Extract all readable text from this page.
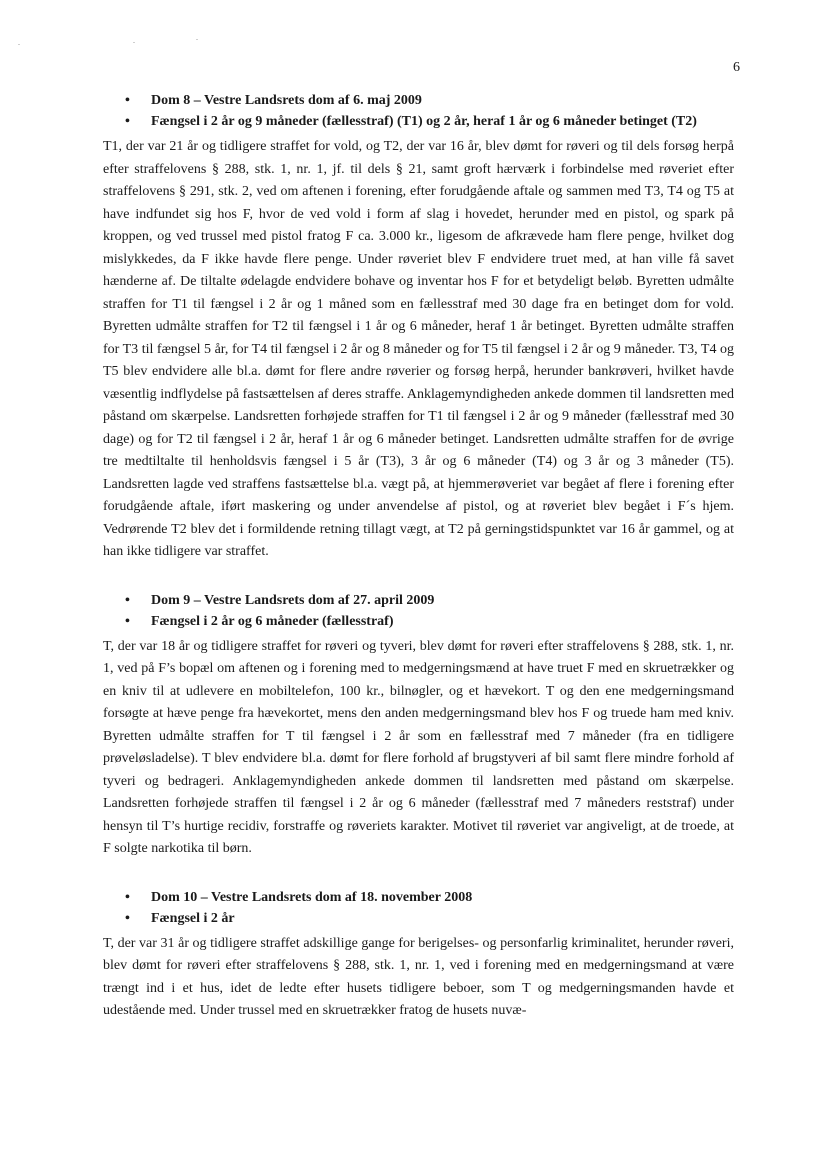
6
• Dom 8 – Vestre Landsrets dom af 6. maj 2009
• Fængsel i 2 år og 9 måneder (fællesstraf) (T1) og 2 år, heraf 1 år og 6 måneder betinget (T2)

T1, der var 21 år og tidligere straffet for vold, og T2, der var 16 år, blev dømt for røveri og til dels forsøg herpå efter straffelovens § 288, stk. 1, nr. 1, jf. til dels § 21, samt groft hærværk i forbindelse med røveriet efter straffelovens § 291, stk. 2, ved om aftenen i forening, efter forudgående aftale og sammen med T3, T4 og T5 at have indfundet sig hos F, hvor de ved vold i form af slag i hovedet, herunder med en pistol, og spark på kroppen, og ved trussel med pistol fratog F ca. 3.000 kr., ligesom de afkrævede ham flere penge, hvilket dog mislykkedes, da F ikke havde flere penge. Under røveriet blev F endvidere truet med, at han ville få savet hænderne af. De tiltalte ødelagde endvidere bohave og inventar hos F for et betydeligt beløb. Byretten udmålte straffen for T1 til fængsel i 2 år og 1 måned som en fællesstraf med 30 dage fra en betinget dom for vold. Byretten udmålte straffen for T2 til fængsel i 1 år og 6 måneder, heraf 1 år betinget. Byretten udmålte straffen for T3 til fængsel 5 år, for T4 til fængsel i 2 år og 8 måneder og for T5 til fængsel i 2 år og 9 måneder. T3, T4 og T5 blev endvidere alle bl.a. dømt for flere andre røverier og forsøg herpå, herunder bankrøveri, hvilket havde væsentlig indflydelse på fastsættelsen af deres straffe. Anklagemyndigheden ankede dommen til landsretten med påstand om skærpelse. Landsretten forhøjede straffen for T1 til fængsel i 2 år og 9 måneder (fællesstraf med 30 dage) og for T2 til fængsel i 2 år, heraf 1 år og 6 måneder betinget. Landsretten udmålte straffen for de øvrige tre medtiltalte til henholdsvis fængsel i 5 år (T3), 3 år og 6 måneder (T4) og 3 år og 3 måneder (T5). Landsretten lagde ved straffens fastsættelse bl.a. vægt på, at hjemmerøveriet var begået af flere i forening efter forudgående aftale, iført maskering og under anvendelse af pistol, og at røveriet blev begået i F´s hjem. Vedrørende T2 blev det i formildende retning tillagt vægt, at T2 på gerningstidspunktet var 16 år gammel, og at han ikke tidligere var straffet.

• Dom 9 – Vestre Landsrets dom af 27. april 2009
• Fængsel i 2 år og 6 måneder (fællesstraf)

T, der var 18 år og tidligere straffet for røveri og tyveri, blev dømt for røveri efter straffelovens § 288, stk. 1, nr. 1, ved på F’s bopæl om aftenen og i forening med to medgerningsmænd at have truet F med en skruetrækker og en kniv til at udlevere en mobiltelefon, 100 kr., bilnøgler, og et hævekort. T og den ene medgerningsmand forsøgte at hæve penge fra hævekortet, mens den anden medgerningsmand blev hos F og truede ham med kniv. Byretten udmålte straffen for T til fængsel i 2 år som en fællesstraf med 7 måneder (fra en tidligere prøveløsladelse). T blev endvidere bl.a. dømt for flere forhold af brugstyveri af bil samt flere mindre forhold af tyveri og bedrageri. Anklagemyndigheden ankede dommen til landsretten med påstand om skærpelse. Landsretten forhøjede straffen til fængsel i 2 år og 6 måneder (fællesstraf med 7 måneders reststraf) under hensyn til T’s hurtige recidiv, forstraffe og røveriets karakter. Motivet til røveriet var angiveligt, at de troede, at F solgte narkotika til børn.

• Dom 10 – Vestre Landsrets dom af 18. november 2008
• Fængsel i 2 år

T, der var 31 år og tidligere straffet adskillige gange for berigelses- og personfarlig kriminalitet, herunder røveri, blev dømt for røveri efter straffelovens § 288, stk. 1, nr. 1, ved i forening med en medgerningsmand at være trængt ind i et hus, idet de ledte efter husets tidligere beboer, som T og medgerningsmanden havde et udestående med. Under trussel med en skruetrækker fratog de husets nuvæ-
